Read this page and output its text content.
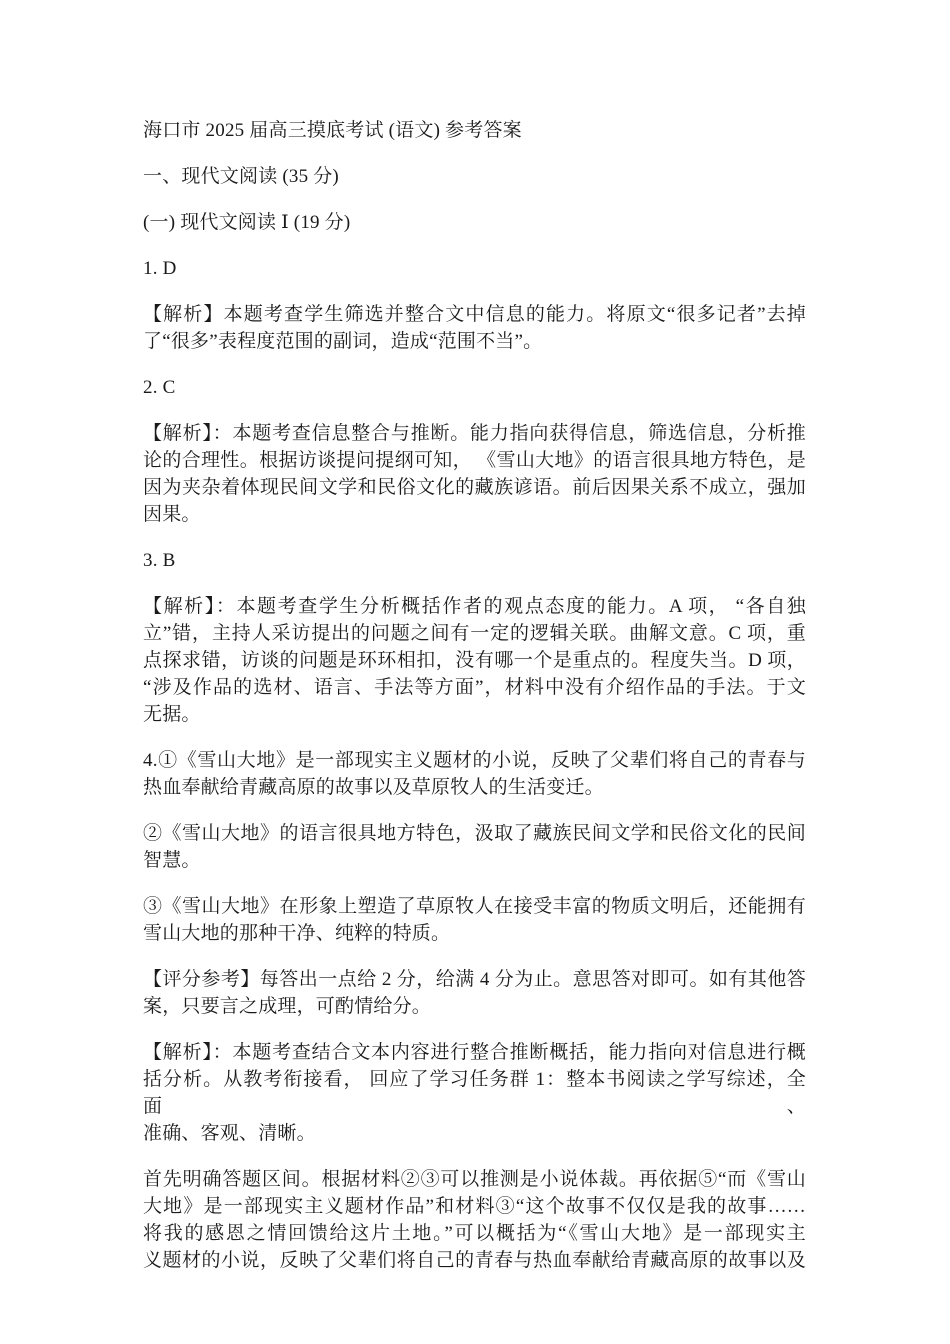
海口市 2025 届高三摸底考试 (语文) 参考答案

一、现代文阅读 (35 分)

(一) 现代文阅读 Ⅰ (19 分)

1. D

【解析】本题考查学生筛选并整合文中信息的能力。将原文“很多记者”去掉
了“很多”表程度范围的副词，造成“范围不当”。

2. C

【解析】：本题考查信息整合与推断。能力指向获得信息，筛选信息，分析推
论的合理性。根据访谈提问提纲可知， 《雪山大地》的语言很具地方特色，是
因为夹杂着体现民间文学和民俗文化的藏族谚语。前后因果关系不成立，强加
因果。

3. B

【解析】：本题考查学生分析概括作者的观点态度的能力。A 项， “各自独
立”错，主持人采访提出的问题之间有一定的逻辑关联。曲解文意。C 项，重
点探求错，访谈的问题是环环相扣，没有哪一个是重点的。程度失当。D 项，
“涉及作品的选材、语言、手法等方面”，材料中没有介绍作品的手法。于文
无据。

4.①《雪山大地》是一部现实主义题材的小说，反映了父辈们将自己的青春与
热血奉献给青藏高原的故事以及草原牧人的生活变迁。

②《雪山大地》的语言很具地方特色，汲取了藏族民间文学和民俗文化的民间
智慧。

③《雪山大地》在形象上塑造了草原牧人在接受丰富的物质文明后，还能拥有
雪山大地的那种干净、纯粹的特质。

【评分参考】每答出一点给 2 分，给满 4 分为止。意思答对即可。如有其他答
案，只要言之成理，可酌情给分。

【解析】：本题考查结合文本内容进行整合推断概括，能力指向对信息进行概
括分析。从教考衔接看， 回应了学习任务群 1：整本书阅读之学写综述，全面、
准确、客观、清晰。

首先明确答题区间。根据材料②③可以推测是小说体裁。再依据⑤“而《雪山
大地》是一部现实主义题材作品”和材料③“这个故事不仅仅是我的故事……
将我的感恩之情回馈给这片土地。”可以概括为“《雪山大地》是一部现实主
义题材的小说，反映了父辈们将自己的青春与热血奉献给青藏高原的故事以及
